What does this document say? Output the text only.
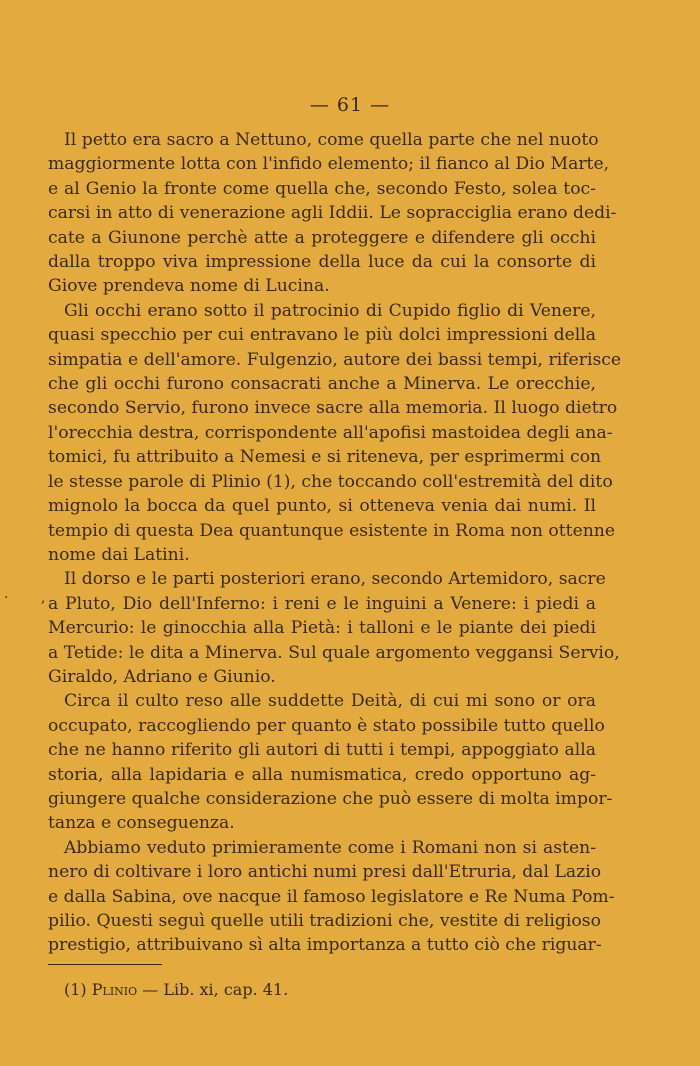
— 61 —
· ,
Il petto era sacro a Nettuno, come quella parte che nel nuoto
maggiormente lotta con l'infido elemento; il fianco al Dio Marte,
e al Genio la fronte come quella che, secondo Festo, solea toc-
carsi in atto di venerazione agli Iddii. Le sopracciglia erano dedi-
cate a Giunone perchè atte a proteggere e difendere gli occhi
dalla troppo viva impressione della luce da cui la consorte di
Giove prendeva nome di Lucina.
Gli occhi erano sotto il patrocinio di Cupido figlio di Venere,
quasi specchio per cui entravano le più dolci impressioni della
simpatia e dell'amore. Fulgenzio, autore dei bassi tempi, riferisce
che gli occhi furono consacrati anche a Minerva. Le orecchie,
secondo Servio, furono invece sacre alla memoria. Il luogo dietro
l'orecchia destra, corrispondente all'apofisi mastoidea degli ana-
tomici, fu attribuito a Nemesi e si riteneva, per esprimermi con
le stesse parole di Plinio (1), che toccando coll'estremità del dito
mignolo la bocca da quel punto, si otteneva venia dai numi. Il
tempio di questa Dea quantunque esistente in Roma non ottenne
nome dai Latini.
Il dorso e le parti posteriori erano, secondo Artemidoro, sacre
a Pluto, Dio dell'Inferno: i reni e le inguini a Venere: i piedi a
Mercurio: le ginocchia alla Pietà: i talloni e le piante dei piedi
a Tetide: le dita a Minerva. Sul quale argomento veggansi Servio,
Giraldo, Adriano e Giunio.
Circa il culto reso alle suddette Deità, di cui mi sono or ora
occupato, raccogliendo per quanto è stato possibile tutto quello
che ne hanno riferito gli autori di tutti i tempi, appoggiato alla
storia, alla lapidaria e alla numismatica, credo opportuno ag-
giungere qualche considerazione che può essere di molta impor-
tanza e conseguenza.
Abbiamo veduto primieramente come i Romani non si asten-
nero di coltivare i loro antichi numi presi dall'Etruria, dal Lazio
e dalla Sabina, ove nacque il famoso legislatore e Re Numa Pom-
pilio. Questi seguì quelle utili tradizioni che, vestite di religioso
prestigio, attribuivano sì alta importanza a tutto ciò che riguar-
(1) Plinio — Lib. xi, cap. 41.
